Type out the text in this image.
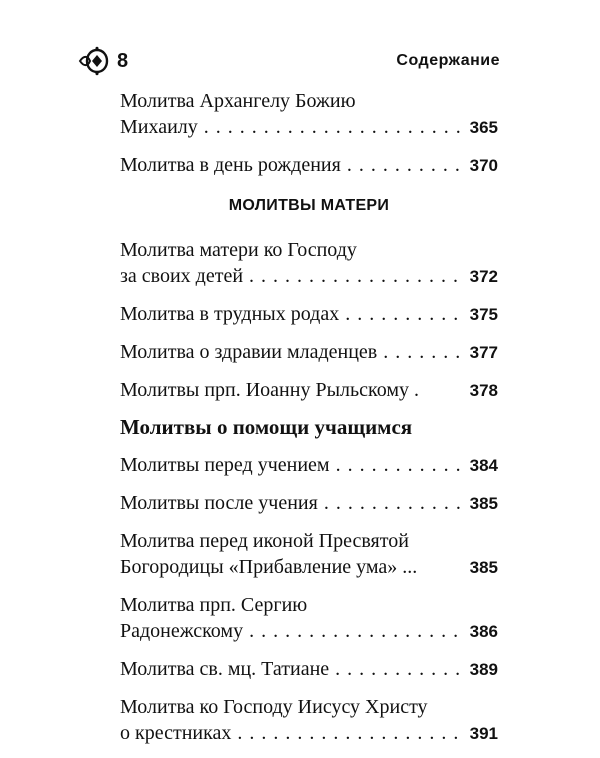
8	Содержание
Молитва Архангелу Божию
Михаилу . . .	365
Молитва в день рождения . . .	370
МОЛИТВЫ МАТЕРИ
Молитва матери ко Господу
за своих детей . . .	372
Молитва в трудных родах . . .	375
Молитва о здравии младенцев . . .	377
Молитвы прп. Иоанну Рыльскому .	378
Молитвы о помощи учащимся
Молитвы перед учением . . .	384
Молитвы после учения . . .	385
Молитва перед иконой Пресвятой
Богородицы «Прибавление ума» ...	385
Молитва прп. Сергию
Радонежскому . . .	386
Молитва св. мц. Татиане . . .	389
Молитва ко Господу Иисусу Христу
о крестниках . . .	391
